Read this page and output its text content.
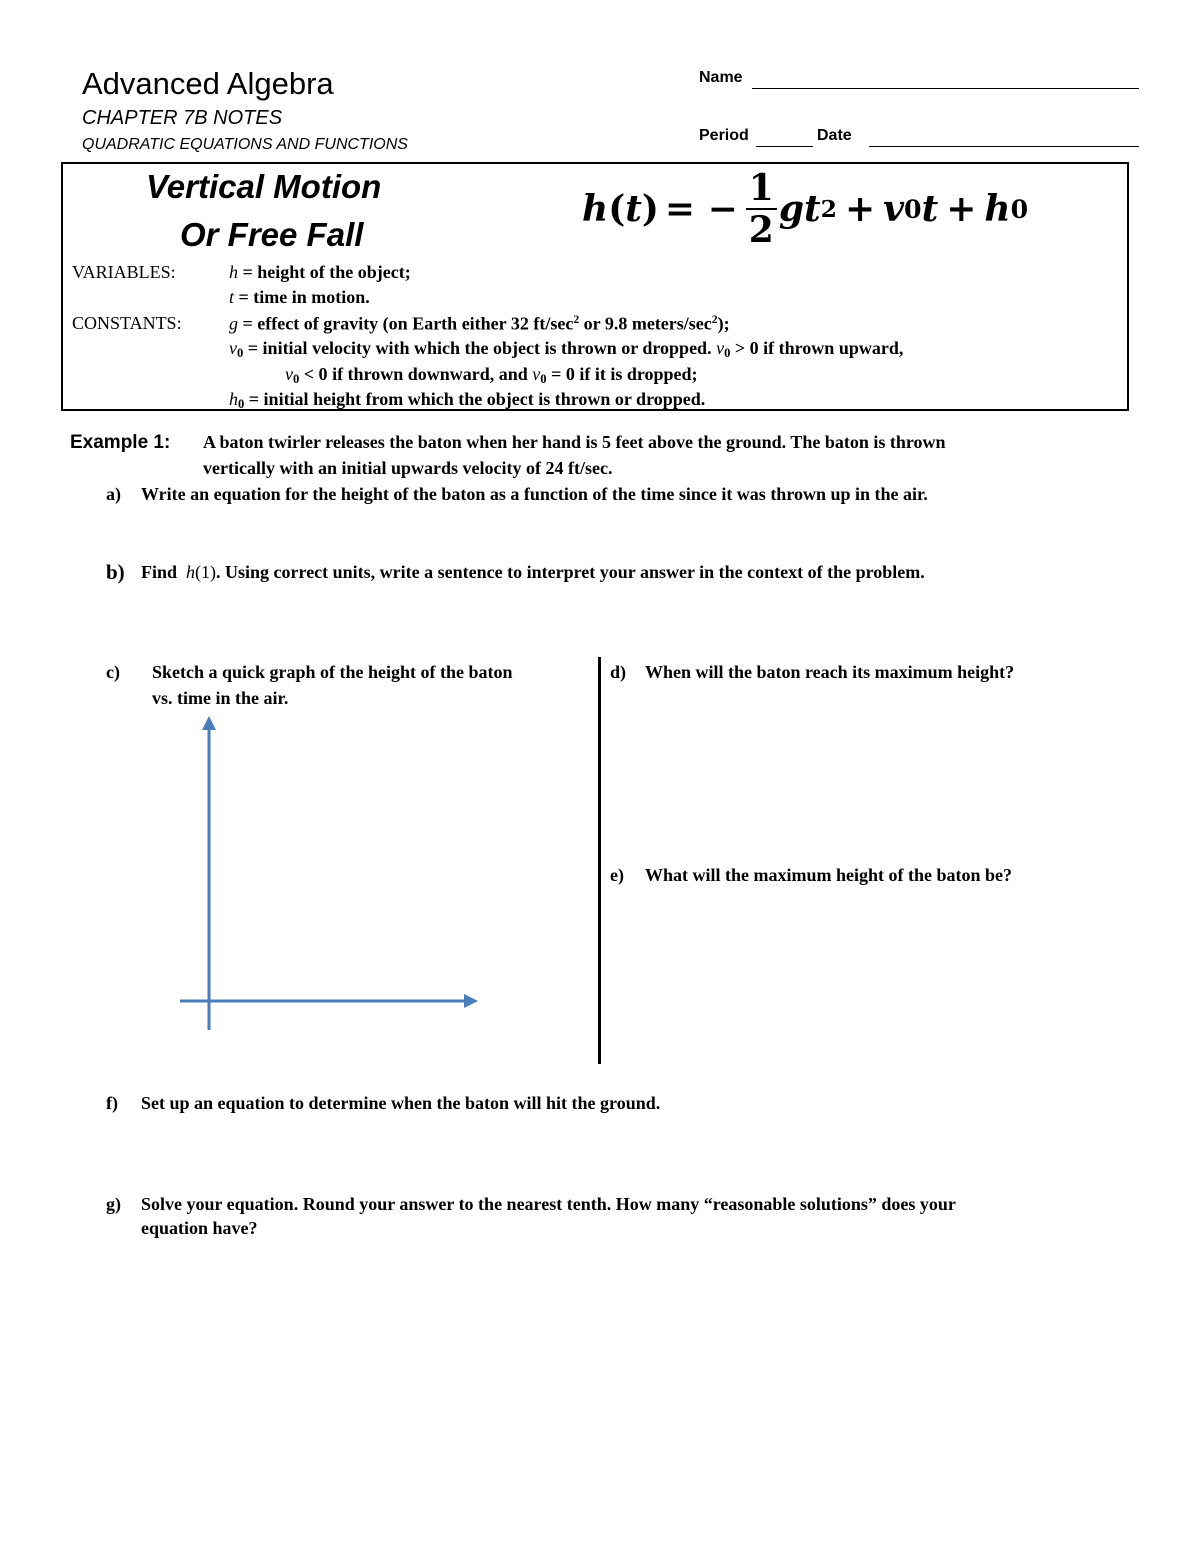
Advanced Algebra
CHAPTER 7B NOTES
QUADRATIC EQUATIONS AND FUNCTIONS
Name
Period	Date
Vertical Motion
Or Free Fall
h ( t ) = − $\frac{1}{2}$ g t 2 + v 0 t + h 0
VARIABLES:
CONSTANTS:
h = height of the object;
t = time in motion.
g = effect of gravity (on Earth either 32 $ft/\sec^2$ or 9.8 meters/$\sec^2$);
$v_0$ = initial velocity with which the object is thrown or dropped. $v_0 > 0$ if thrown upward,
$v_0 < 0$ if thrown downward, and $v_0 = 0$ if it is dropped;
$h_0$ = initial height from which the object is thrown or dropped.
Example 1: A baton twirler releases the baton when her hand is 5 feet above the ground. The baton is thrown
vertically with an initial upwards velocity of 24 ft/sec.
a) Write an equation for the height of the baton as a function of the time since it was thrown up in the air.
b) Find h(1). Using correct units, write a sentence to interpret your answer in the context of the problem.
c) Sketch a quick graph of the height of the baton
vs. time in the air.
d) When will the baton reach its maximum height?
e) What will the maximum height of the baton be?
f) Set up an equation to determine when the baton will hit the ground.
g) Solve your equation. Round your answer to the nearest tenth. How many “reasonable solutions” does your
equation have?
